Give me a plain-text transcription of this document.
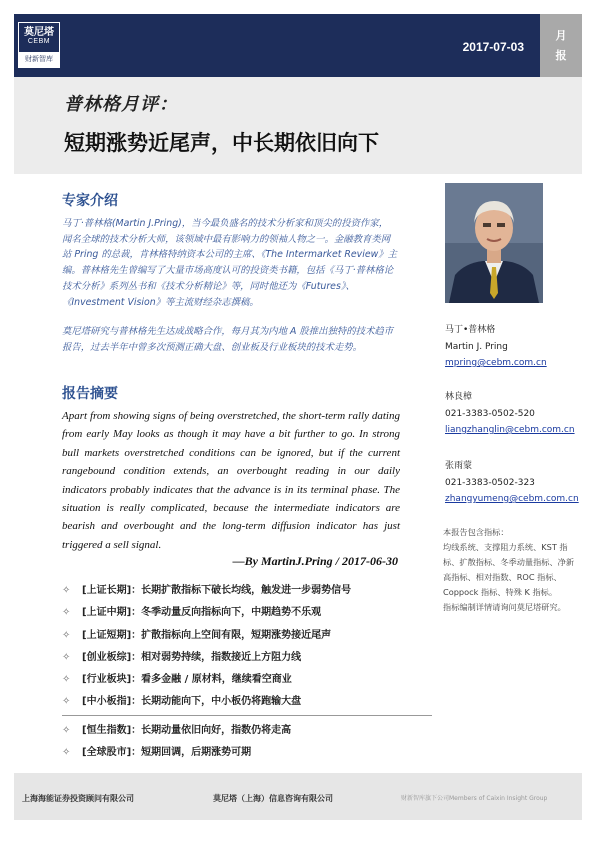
莫尼塔
CEBM
财新智库
2017-07-03
月
报
普林格月评：
短期涨势近尾声，中长期依旧向下
专家介绍
马丁·普林格(Martin J.Pring)，当今最负盛名的技术分析家和顶尖的投资作家，
闻名全球的技术分析大师，该领域中最有影响力的领袖人物之一。金融教育类网
站 Pring 的总裁，肯林格特纳资本公司的主席、《The Intermarket Review》主
编。普林格先生曾编写了大量市场高度认可的投资类书籍，包括《马丁·普林格论
技术分析》系列丛书和《技术分析精论》等，同时他还为《Futures》、
《Investment Vision》等主流财经杂志撰稿。
莫尼塔研究与普林格先生达成战略合作，每月其为内地 A 股推出独特的技术趋市
报告，过去半年中曾多次预测正确大盘、创业板及行业板块的技术走势。
报告摘要
Apart from showing signs of being overstretched, the short-term rally dating from early May looks as though it may have a bit further to go. In strong bull markets overstretched conditions can be ignored, but if the current rangebound condition extends, an overbought reading in our daily indicators probably indicates that the advance is in its terminal phase. The situation is really complicated, because the intermediate indicators are bearish and overbought and the long-term diffusion indicator has just triggered a sell signal.
—By MartinJ.Pring / 2017-06-30
✧ [上证长期]：长期扩散指标下破长均线，触发进一步弱势信号
✧ [上证中期]：冬季动量反向指标向下，中期趋势不乐观
✧ [上证短期]：扩散指标向上空间有限，短期涨势接近尾声
✧ [创业板综]：相对弱势持续，指数接近上方阻力线
✧ [行业板块]：看多金融 / 原材料，继续看空商业
✧ [中小板指]：长期动能向下，中小板仍将跑输大盘
✧ [恒生指数]：长期动量依旧向好，指数仍将走高
✧ [全球股市]：短期回调，后期涨势可期
马丁•普林格
Martin J. Pring
mpring@cebm.com.cn
林良樟
021-3383-0502-520
liangzhanglin@cebm.com.cn
张雨蒙
021-3383-0502-323
zhangyumeng@cebm.com.cn
本报告包含指标：
均线系统、支撑阻力系统、KST 指
标、扩散指标、冬季动量指标、净新
高指标、相对指数、ROC 指标、
Coppock 指标、特殊 K 指标。
指标编制详情请询问莫尼塔研究。
上海海能证券投资顾问有限公司	莫尼塔（上海）信息咨询有限公司	财新智库旗下公司Members of Caixin Insight Group
